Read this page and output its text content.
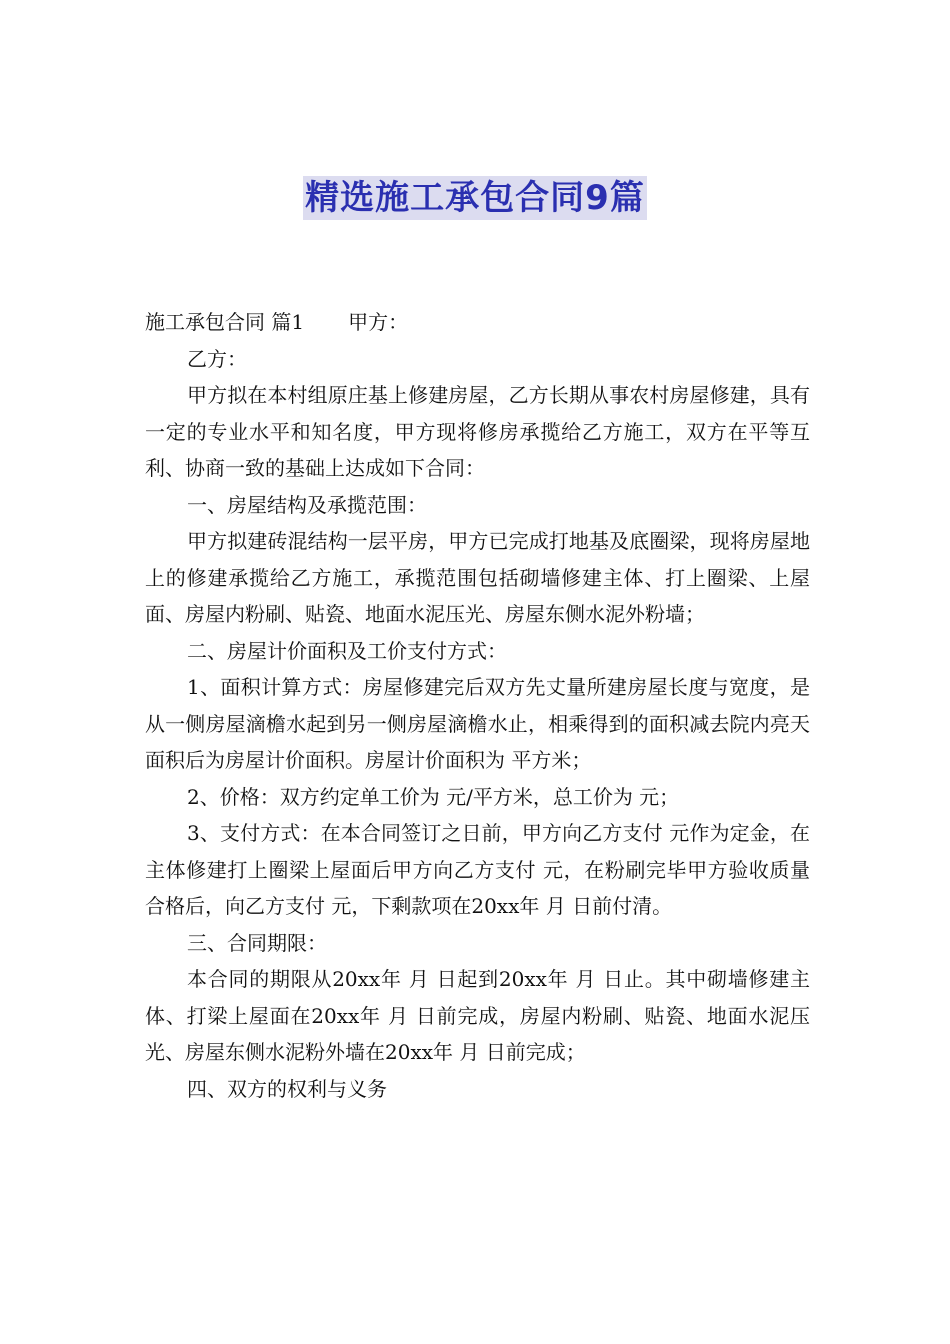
精选施工承包合同9篇

施工承包合同 篇1 甲方：

乙方：

甲方拟在本村组原庄基上修建房屋，乙方长期从事农村房屋修建，具有一定的专业水平和知名度，甲方现将修房承揽给乙方施工，双方在平等互利、协商一致的基础上达成如下合同：

一、房屋结构及承揽范围：

甲方拟建砖混结构一层平房，甲方已完成打地基及底圈梁，现将房屋地上的修建承揽给乙方施工，承揽范围包括砌墙修建主体、打上圈梁、上屋面、房屋内粉刷、贴瓷、地面水泥压光、房屋东侧水泥外粉墙；

二、房屋计价面积及工价支付方式：

1、面积计算方式：房屋修建完后双方先丈量所建房屋长度与宽度，是从一侧房屋滴檐水起到另一侧房屋滴檐水止，相乘得到的面积减去院内亮天面积后为房屋计价面积。房屋计价面积为 平方米；

2、价格：双方约定单工价为 元/平方米，总工价为 元；

3、支付方式：在本合同签订之日前，甲方向乙方支付 元作为定金，在主体修建打上圈梁上屋面后甲方向乙方支付 元，在粉刷完毕甲方验收质量合格后，向乙方支付 元，下剩款项在20xx年 月 日前付清。

三、合同期限：

本合同的期限从20xx年 月 日起到20xx年 月 日止。其中砌墙修建主体、打梁上屋面在20xx年 月 日前完成，房屋内粉刷、贴瓷、地面水泥压光、房屋东侧水泥粉外墙在20xx年 月 日前完成；

四、双方的权利与义务
